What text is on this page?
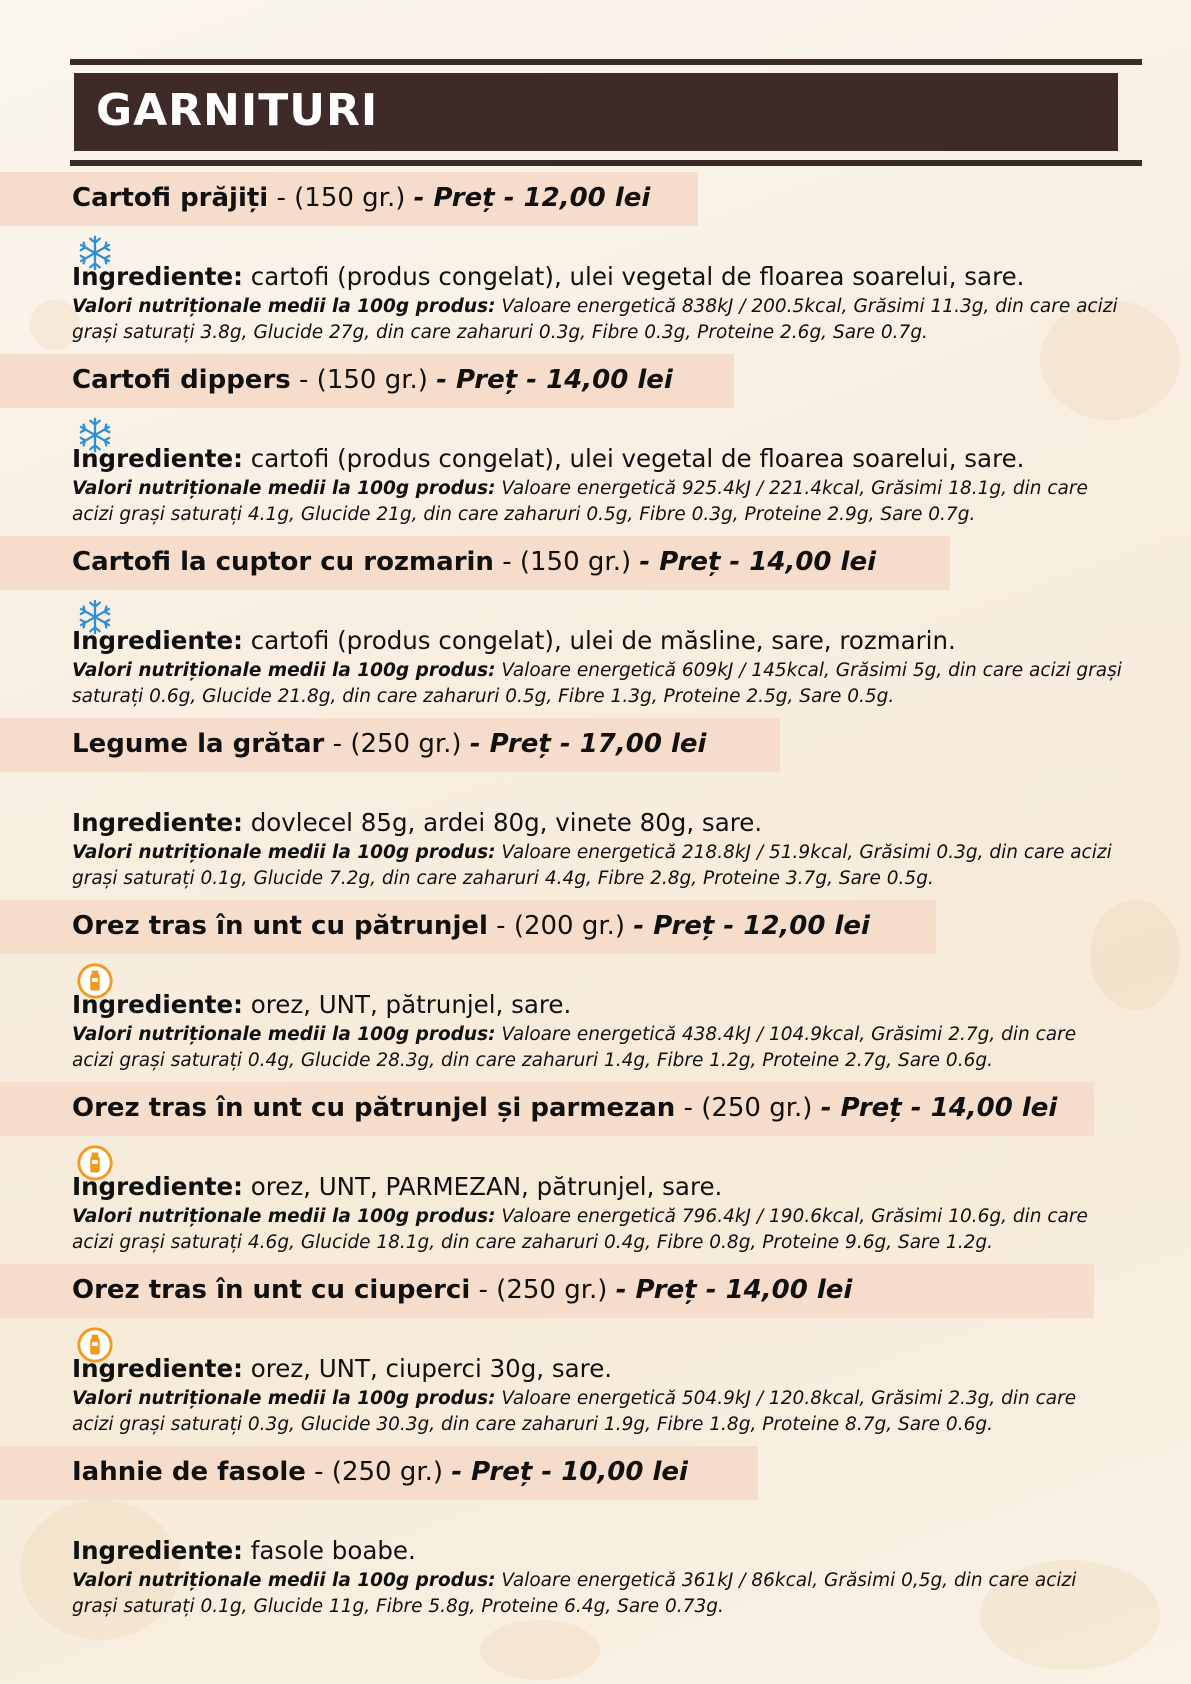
GARNITURI
Cartofi prăjiți - (150 gr.) - Preț - 12,00 lei

Ingrediente: cartofi (produs congelat), ulei vegetal de floarea soarelui, sare.

Valori nutriționale medii la 100g produs: Valoare energetică 838kJ / 200.5kcal, Grăsimi 11.3g, din care acizi grași saturați 3.8g, Glucide 27g, din care zaharuri 0.3g, Fibre 0.3g, Proteine 2.6g, Sare 0.7g.

Cartofi dippers - (150 gr.) - Preț - 14,00 lei

Ingrediente: cartofi (produs congelat), ulei vegetal de floarea soarelui, sare.

Valori nutriționale medii la 100g produs: Valoare energetică 925.4kJ / 221.4kcal, Grăsimi 18.1g, din care acizi grași saturați 4.1g, Glucide 21g, din care zaharuri 0.5g, Fibre 0.3g, Proteine 2.9g, Sare 0.7g.

Cartofi la cuptor cu rozmarin - (150 gr.) - Preț - 14,00 lei

Ingrediente: cartofi (produs congelat), ulei de măsline, sare, rozmarin.

Valori nutriționale medii la 100g produs: Valoare energetică 609kJ / 145kcal, Grăsimi 5g, din care acizi grași saturați 0.6g, Glucide 21.8g, din care zaharuri 0.5g, Fibre 1.3g, Proteine 2.5g, Sare 0.5g.

Legume la grătar - (250 gr.) - Preț - 17,00 lei

Ingrediente: dovlecel 85g, ardei 80g, vinete 80g, sare.

Valori nutriționale medii la 100g produs: Valoare energetică 218.8kJ / 51.9kcal, Grăsimi 0.3g, din care acizi grași saturați 0.1g, Glucide 7.2g, din care zaharuri 4.4g, Fibre 2.8g, Proteine 3.7g, Sare 0.5g.

Orez tras în unt cu pătrunjel - (200 gr.) - Preț - 12,00 lei

Ingrediente: orez, UNT, pătrunjel, sare.

Valori nutriționale medii la 100g produs: Valoare energetică 438.4kJ / 104.9kcal, Grăsimi 2.7g, din care acizi grași saturați 0.4g, Glucide 28.3g, din care zaharuri 1.4g, Fibre 1.2g, Proteine 2.7g, Sare 0.6g.

Orez tras în unt cu pătrunjel și parmezan - (250 gr.) - Preț - 14,00 lei

Ingrediente: orez, UNT, PARMEZAN, pătrunjel, sare.

Valori nutriționale medii la 100g produs: Valoare energetică 796.4kJ / 190.6kcal, Grăsimi 10.6g, din care acizi grași saturați 4.6g, Glucide 18.1g, din care zaharuri 0.4g, Fibre 0.8g, Proteine 9.6g, Sare 1.2g.

Orez tras în unt cu ciuperci - (250 gr.) - Preț - 14,00 lei

Ingrediente: orez, UNT, ciuperci 30g, sare.

Valori nutriționale medii la 100g produs: Valoare energetică 504.9kJ / 120.8kcal, Grăsimi 2.3g, din care acizi grași saturați 0.3g, Glucide 30.3g, din care zaharuri 1.9g, Fibre 1.8g, Proteine 8.7g, Sare 0.6g.

Iahnie de fasole - (250 gr.) - Preț - 10,00 lei

Ingrediente: fasole boabe.

Valori nutriționale medii la 100g produs: Valoare energetică 361kJ / 86kcal, Grăsimi 0,5g, din care acizi grași saturați 0.1g, Glucide 11g, Fibre 5.8g, Proteine 6.4g, Sare 0.73g.
